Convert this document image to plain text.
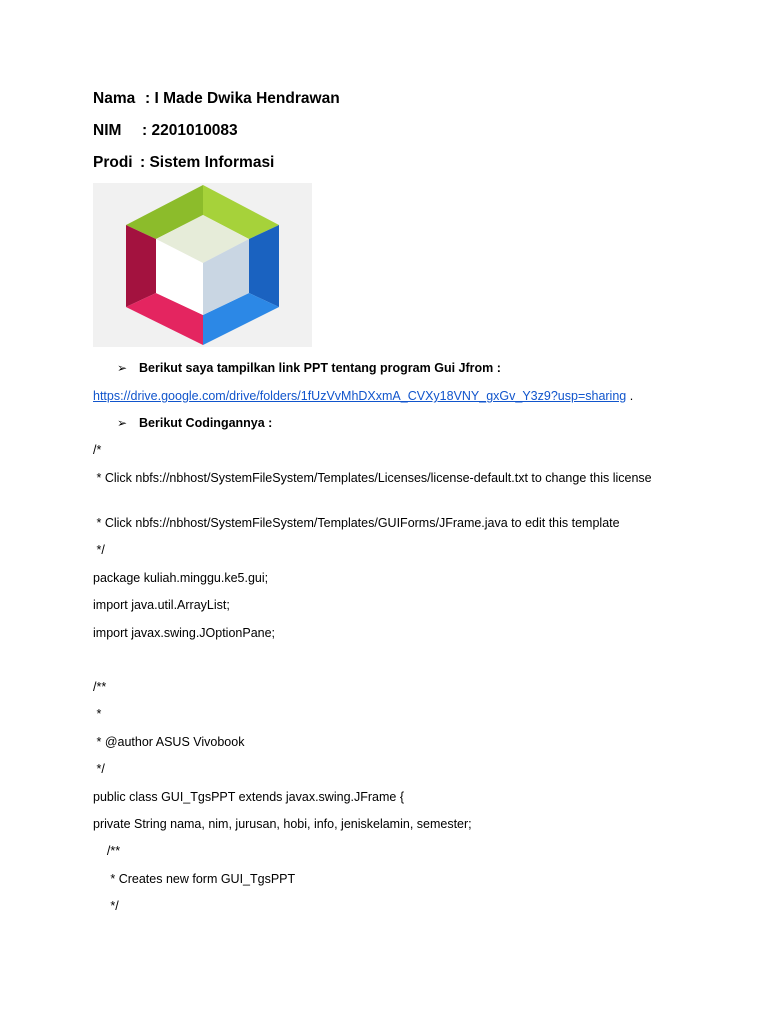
Nama : I Made Dwika Hendrawan
NIM : 2201010083
Prodi : Sistem Informasi
➢ Berikut saya tampilkan link PPT tentang program Gui Jfrom :
https://drive.google.com/drive/folders/1fUzVvMhDXxmA_CVXy18VNY_gxGv_Y3z9?usp=sharing .
➢ Berikut Codingannya :
/*
* Click nbfs://nbhost/SystemFileSystem/Templates/Licenses/license-default.txt to change this license
* Click nbfs://nbhost/SystemFileSystem/Templates/GUIForms/JFrame.java to edit this template
*/
package kuliah.minggu.ke5.gui;
import java.util.ArrayList;
import javax.swing.JOptionPane;
/**
*
* @author ASUS Vivobook
*/
public class GUI_TgsPPT extends javax.swing.JFrame {
private String nama, nim, jurusan, hobi, info, jeniskelamin, semester;
/**
* Creates new form GUI_TgsPPT
*/
